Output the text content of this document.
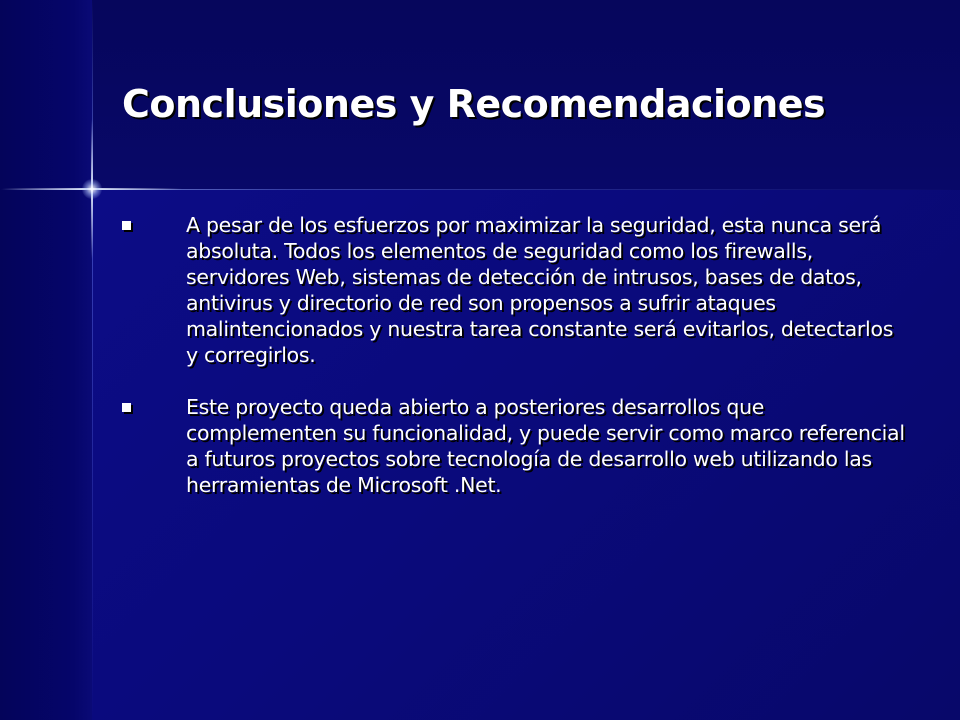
Conclusiones y Recomendaciones
A pesar de los esfuerzos por maximizar la seguridad, esta nunca será absoluta. Todos los elementos de seguridad como los firewalls, servidores Web, sistemas de detección de intrusos, bases de datos, antivirus y directorio de red son propensos a sufrir ataques malintencionados y nuestra tarea constante será evitarlos, detectarlos y corregirlos.
Este proyecto queda abierto a posteriores desarrollos que complementen su funcionalidad, y puede servir como marco referencial a futuros proyectos sobre tecnología de desarrollo web utilizando las herramientas de Microsoft .Net.
